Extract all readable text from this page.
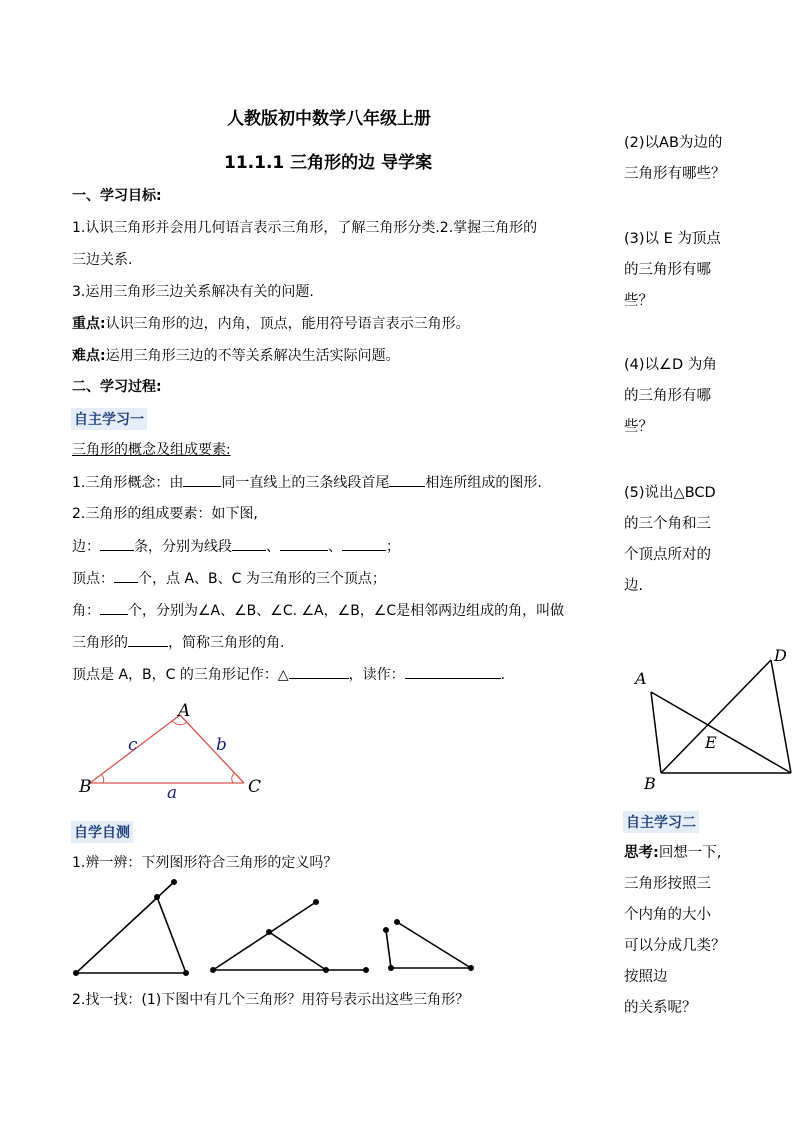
人教版初中数学八年级上册
11.1.1 三角形的边 导学案
一、学习目标:
1.认识三角形并会用几何语言表示三角形，了解三角形分类.2.掌握三角形的
三边关系.
3.运用三角形三边关系解决有关的问题.
重点:认识三角形的边，内角，顶点，能用符号语言表示三角形。
难点:运用三角形三边的不等关系解决生活实际问题。
二、学习过程:
自主学习一
三角形的概念及组成要素:
1.三角形概念：由	同一直线上的三条线段首尾	相连所组成的图形.
2.三角形的组成要素：如下图,
边： 条，分别为线段 、	、	；
顶点： 个，点 A、B、C 为三角形的三个顶点；
角： 个，分别为∠A、∠B、∠C. ∠A，∠B，∠C是相邻两边组成的角，叫做
三角形的	，简称三角形的角.
顶点是 A，B，C 的三角形记作：△	，读作：	.
A
B	C
c	b
a
自学自测
1.辨一辨：下列图形符合三角形的定义吗？
2.找一找：(1)下图中有几个三角形？用符号表示出这些三角形？
(2)以AB为边的
三角形有哪些？
(3)以 E 为顶点
的三角形有哪
些？
(4)以∠D 为角
的三角形有哪
些？
(5)说出△BCD
的三个角和三
个顶点所对的
边.
A
B
D
E
自主学习二
思考:回想一下,
三角形按照三
个内角的大小
可以分成几类？
按照边
的关系呢？
